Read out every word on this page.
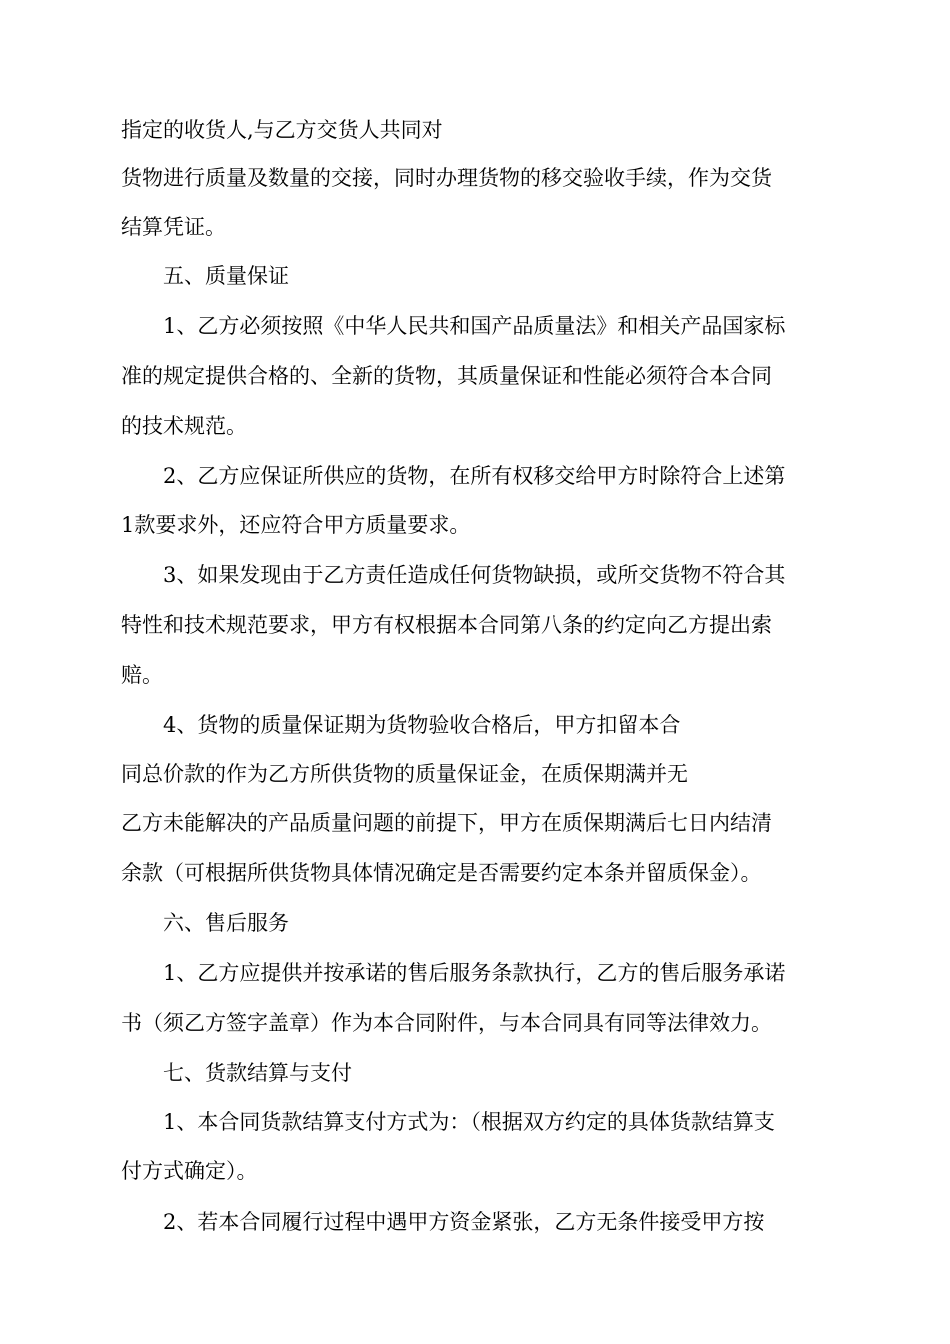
指定的收货人,与乙方交货人共同对
货物进行质量及数量的交接，同时办理货物的移交验收手续，作为交货
结算凭证。
五、质量保证
1、乙方必须按照《中华人民共和国产品质量法》和相关产品国家标
准的规定提供合格的、全新的货物，其质量保证和性能必须符合本合同
的技术规范。
2、乙方应保证所供应的货物，在所有权移交给甲方时除符合上述第
1款要求外，还应符合甲方质量要求。
3、如果发现由于乙方责任造成任何货物缺损，或所交货物不符合其
特性和技术规范要求，甲方有权根据本合同第八条的约定向乙方提出索
赔。
4、货物的质量保证期为货物验收合格后，甲方扣留本合
同总价款的作为乙方所供货物的质量保证金，在质保期满并无
乙方未能解决的产品质量问题的前提下，甲方在质保期满后七日内结清
余款（可根据所供货物具体情况确定是否需要约定本条并留质保金）。
六、售后服务
1、乙方应提供并按承诺的售后服务条款执行，乙方的售后服务承诺
书（须乙方签字盖章）作为本合同附件，与本合同具有同等法律效力。
七、货款结算与支付
1、本合同货款结算支付方式为：（根据双方约定的具体货款结算支
付方式确定）。
2、若本合同履行过程中遇甲方资金紧张，乙方无条件接受甲方按
